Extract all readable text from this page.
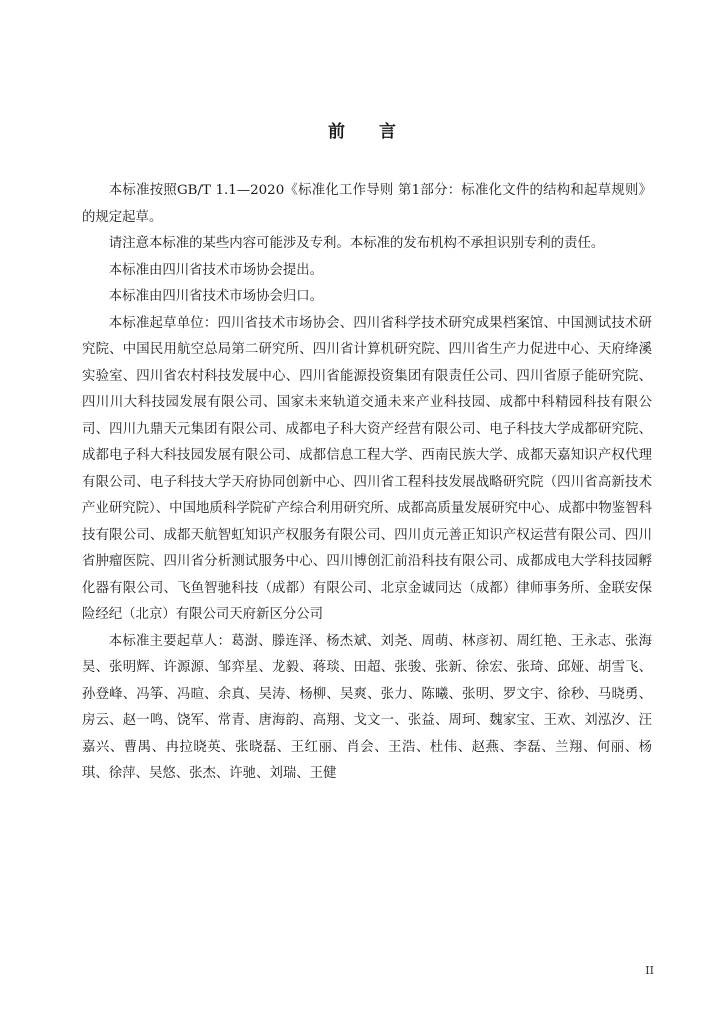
前 言

本标准按照GB/T 1.1—2020《标准化工作导则 第1部分：标准化文件的结构和起草规则》 的规定起草。

请注意本标准的某些内容可能涉及专利。本标准的发布机构不承担识别专利的责任。

本标准由四川省技术市场协会提出。

本标准由四川省技术市场协会归口。

本标准起草单位：四川省技术市场协会、四川省科学技术研究成果档案馆、中国测试技术研究院、中国民用航空总局第二研究所、四川省计算机研究院、四川省生产力促进中心、天府绛溪实验室、四川省农村科技发展中心、四川省能源投资集团有限责任公司、四川省原子能研究院、四川川大科技园发展有限公司、国家未来轨道交通未来产业科技园、成都中科精园科技有限公司、四川九鼎天元集团有限公司、成都电子科大资产经营有限公司、电子科技大学成都研究院、成都电子科大科技园发展有限公司、成都信息工程大学、西南民族大学、成都天嘉知识产权代理有限公司、电子科技大学天府协同创新中心、四川省工程科技发展战略研究院（四川省高新技术产业研究院）、中国地质科学院矿产综合利用研究所、成都高质量发展研究中心、成都中物鉴智科技有限公司、成都天航智虹知识产权服务有限公司、四川贞元善正知识产权运营有限公司、四川省肿瘤医院、四川省分析测试服务中心、四川博创汇前沿科技有限公司、成都成电大学科技园孵化器有限公司、飞鱼智驰科技（成都）有限公司、北京金诚同达（成都）律师事务所、金联安保险经纪（北京）有限公司天府新区分公司

本标准主要起草人：葛澍、滕连泽、杨杰斌、刘尧、周萌、林彦初、周红艳、王永志、张海昊、张明辉、许源源、邹弈星、龙毅、蒋琰、田超、张骏、张新、徐宏、张琦、邱娅、胡雪飞、孙登峰、冯筝、冯暄、余真、吴涛、杨柳、吴爽、张力、陈曦、张明、罗文宇、徐秒、马晓勇、房云、赵一鸣、饶军、常青、唐海韵、高翔、戈文一、张益、周珂、魏家宝、王欢、刘泓汐、汪嘉兴、曹禺、冉拉晓英、张晓磊、王红丽、肖会、王浩、杜伟、赵燕、李磊、兰翔、何丽、杨琪、徐萍、吴悠、张杰、许驰、刘瑞、王健

II
